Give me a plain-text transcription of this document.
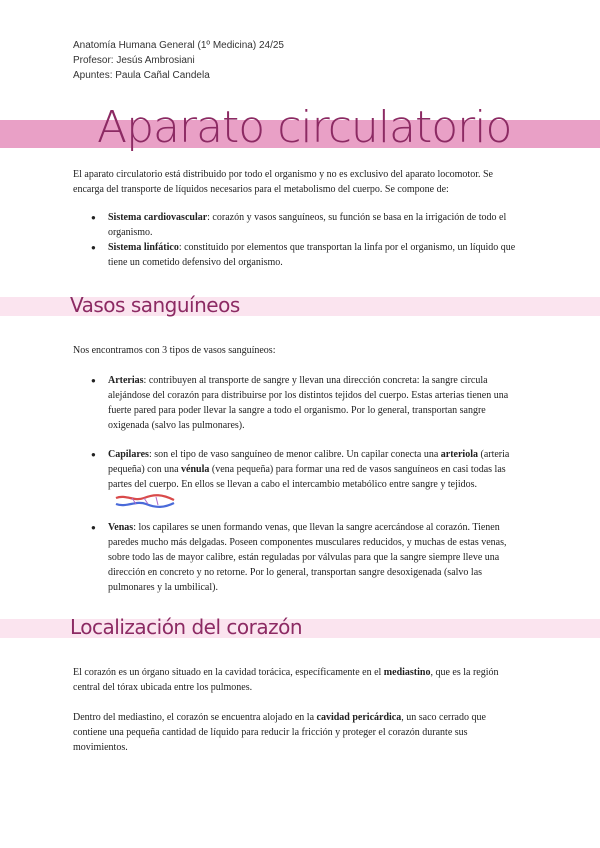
Anatomía Humana General (1º Medicina) 24/25
Profesor: Jesús Ambrosiani
Apuntes: Paula Cañal Candela
Aparato circulatorio

El aparato circulatorio está distribuido por todo el organismo y no es exclusivo del aparato locomotor. Se encarga del transporte de líquidos necesarios para el metabolismo del cuerpo. Se compone de:

● Sistema cardiovascular: corazón y vasos sanguíneos, su función se basa en la irrigación de todo el organismo.
● Sistema linfático: constituido por elementos que transportan la linfa por el organismo, un líquido que tiene un cometido defensivo del organismo.
Vasos sanguíneos

Nos encontramos con 3 tipos de vasos sanguíneos:

● Arterias: contribuyen al transporte de sangre y llevan una dirección concreta: la sangre circula alejándose del corazón para distribuirse por los distintos tejidos del cuerpo. Estas arterias tienen una fuerte pared para poder llevar la sangre a todo el organismo. Por lo general, transportan sangre oxigenada (salvo las pulmonares).
● Capilares: son el tipo de vaso sanguíneo de menor calibre. Un capilar conecta una arteriola (arteria pequeña) con una vénula (vena pequeña) para formar una red de vasos sanguíneos en casi todas las partes del cuerpo. En ellos se llevan a cabo el intercambio metabólico entre sangre y tejidos.
● Venas: los capilares se unen formando venas, que llevan la sangre acercándose al corazón. Tienen paredes mucho más delgadas. Poseen componentes musculares reducidos, y muchas de estas venas, sobre todo las de mayor calibre, están reguladas por válvulas para que la sangre siempre lleve una dirección en concreto y no retorne. Por lo general, transportan sangre desoxigenada (salvo las pulmonares y la umbilical).
Localización del corazón

El corazón es un órgano situado en la cavidad torácica, específicamente en el mediastino, que es la región central del tórax ubicada entre los pulmones.

Dentro del mediastino, el corazón se encuentra alojado en la cavidad pericárdica, un saco cerrado que contiene una pequeña cantidad de líquido para reducir la fricción y proteger el corazón durante sus movimientos.
